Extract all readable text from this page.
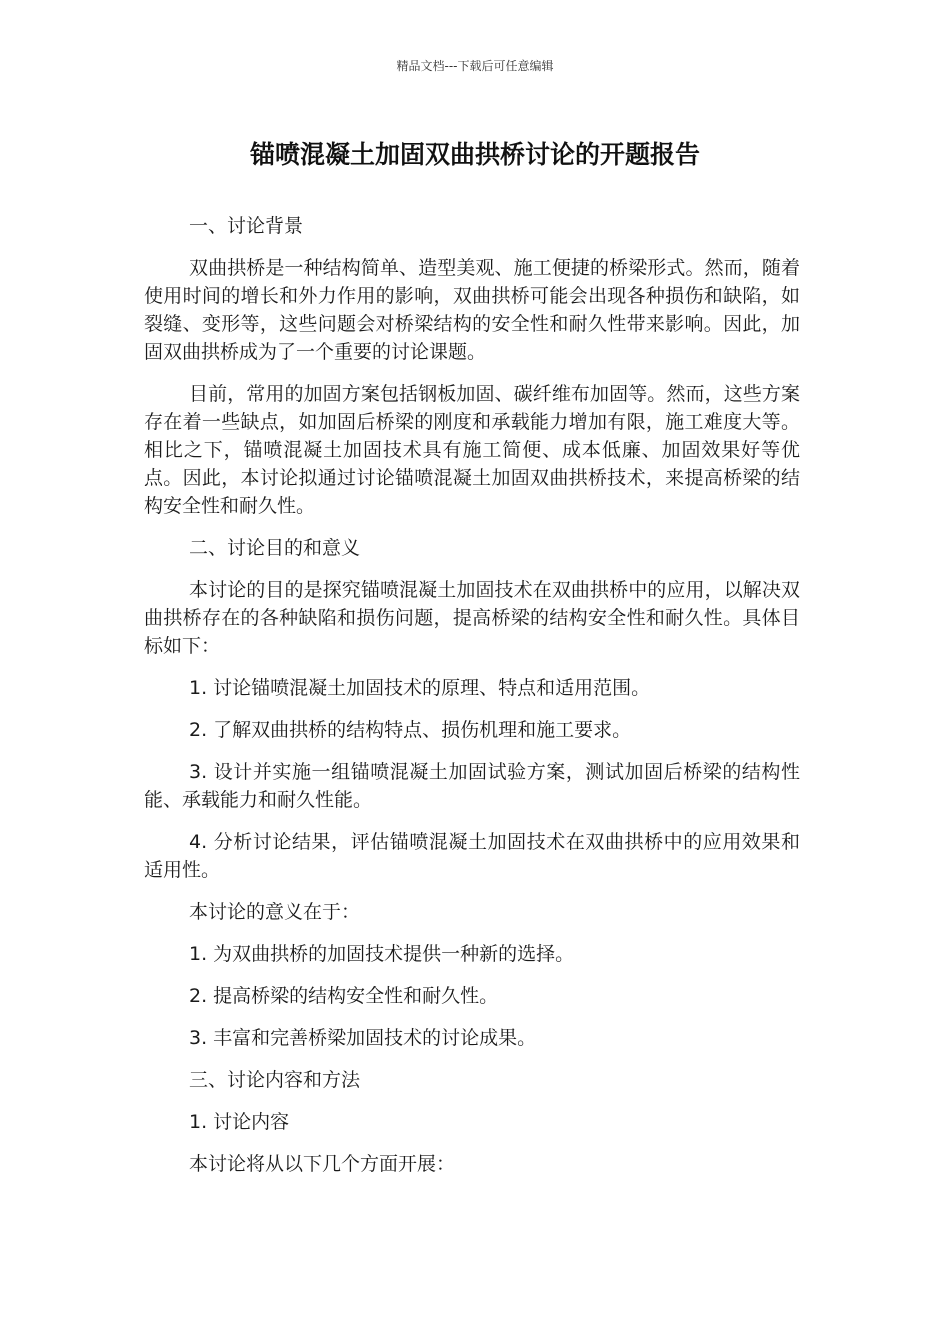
精品文档---下载后可任意编辑
锚喷混凝土加固双曲拱桥讨论的开题报告

一、讨论背景

双曲拱桥是一种结构简单、造型美观、施工便捷的桥梁形式。然而，随着使用时间的增长和外力作用的影响，双曲拱桥可能会出现各种损伤和缺陷，如裂缝、变形等，这些问题会对桥梁结构的安全性和耐久性带来影响。因此，加固双曲拱桥成为了一个重要的讨论课题。

目前，常用的加固方案包括钢板加固、碳纤维布加固等。然而，这些方案存在着一些缺点，如加固后桥梁的刚度和承载能力增加有限，施工难度大等。相比之下，锚喷混凝土加固技术具有施工简便、成本低廉、加固效果好等优点。因此，本讨论拟通过讨论锚喷混凝土加固双曲拱桥技术，来提高桥梁的结构安全性和耐久性。

二、讨论目的和意义

本讨论的目的是探究锚喷混凝土加固技术在双曲拱桥中的应用，以解决双曲拱桥存在的各种缺陷和损伤问题，提高桥梁的结构安全性和耐久性。具体目标如下：

1. 讨论锚喷混凝土加固技术的原理、特点和适用范围。

2. 了解双曲拱桥的结构特点、损伤机理和施工要求。

3. 设计并实施一组锚喷混凝土加固试验方案，测试加固后桥梁的结构性能、承载能力和耐久性能。

4. 分析讨论结果，评估锚喷混凝土加固技术在双曲拱桥中的应用效果和适用性。

本讨论的意义在于：

1. 为双曲拱桥的加固技术提供一种新的选择。

2. 提高桥梁的结构安全性和耐久性。

3. 丰富和完善桥梁加固技术的讨论成果。

三、讨论内容和方法

1. 讨论内容

本讨论将从以下几个方面开展：
